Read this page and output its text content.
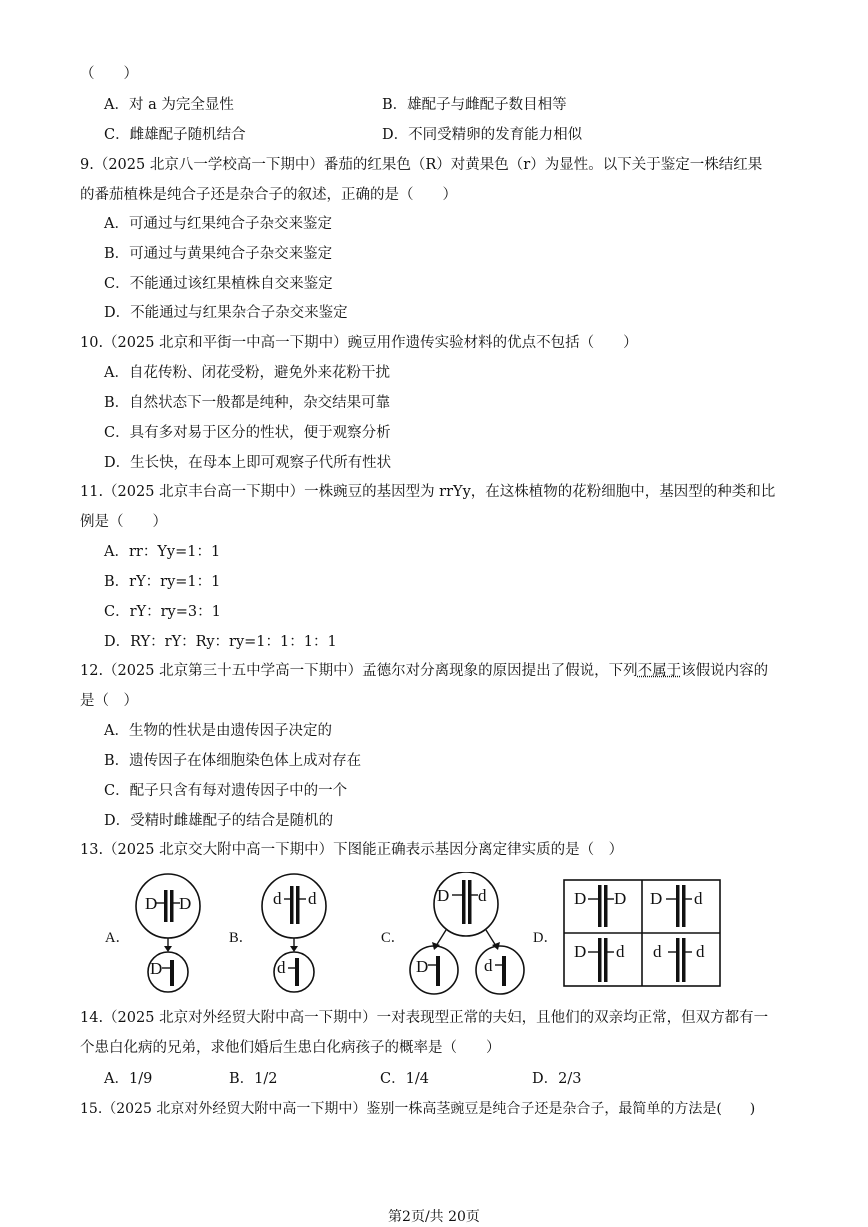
（　　）
A．对 a 为完全显性	B．雄配子与雌配子数目相等
C．雌雄配子随机结合	D．不同受精卵的发育能力相似
9.（2025 北京八一学校高一下期中）番茄的红果色（R）对黄果色（r）为显性。以下关于鉴定一株结红果
的番茄植株是纯合子还是杂合子的叙述，正确的是（　　）
A．可通过与红果纯合子杂交来鉴定
B．可通过与黄果纯合子杂交来鉴定
C．不能通过该红果植株自交来鉴定
D．不能通过与红果杂合子杂交来鉴定
10.（2025 北京和平街一中高一下期中）豌豆用作遗传实验材料的优点不包括（　　）
A．自花传粉、闭花受粉，避免外来花粉干扰
B．自然状态下一般都是纯种，杂交结果可靠
C．具有多对易于区分的性状，便于观察分析
D．生长快，在母本上即可观察子代所有性状
11.（2025 北京丰台高一下期中）一株豌豆的基因型为 rrYy，在这株植物的花粉细胞中，基因型的种类和比
例是（　　）
A．rr：Yy=1：1
B．rY：ry=1：1
C．rY：ry=3：1
D．RY：rY：Ry：ry=1：1：1：1
12.（2025 北京第三十五中学高一下期中）孟德尔对分离现象的原因提出了假说，下列不属于该假说内容的
是（　）
A．生物的性状是由遗传因子决定的
B．遗传因子在体细胞染色体上成对存在
C．配子只含有每对遗传因子中的一个
D．受精时雌雄配子的结合是随机的
13.（2025 北京交大附中高一下期中）下图能正确表示基因分离定律实质的是（　）
A．	B．	C．	D．
D D
D
d d
d
D d
D	d
D D D d
D d d d
14.（2025 北京对外经贸大附中高一下期中）一对表现型正常的夫妇，且他们的双亲均正常，但双方都有一
个患白化病的兄弟，求他们婚后生患白化病孩子的概率是（　　）
A．1/9	B．1/2	C．1/4	D．2/3
15.（2025 北京对外经贸大附中高一下期中）鉴别一株高茎豌豆是纯合子还是杂合子，最简单的方法是(　　)
第2页/共 20页
